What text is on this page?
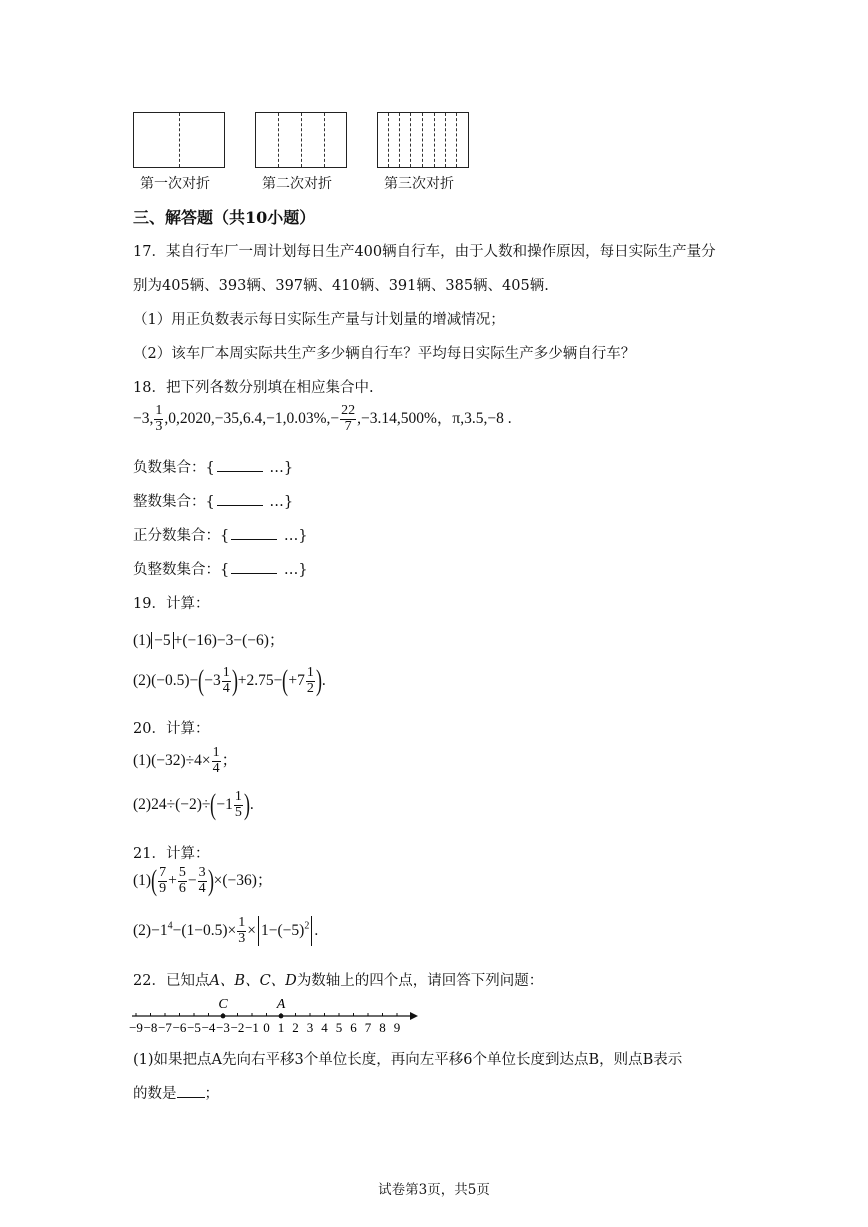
第一次对折	第二次对折	第三次对折
三、解答题（共10小题）
17．某自行车厂一周计划每日生产400辆自行车，由于人数和操作原因，每日实际生产量分
别为405辆、393辆、397辆、410辆、391辆、385辆、405辆.
（1）用正负数表示每日实际生产量与计划量的增减情况；
（2）该车厂本周实际共生产多少辆自行车？平均每日实际生产多少辆自行车？
18．把下列各数分别填在相应集合中.
−3, $\frac{1}{3} ,0,2020,-35,6.4,-1,0.03\%,- \frac{22}{7} ,-3.14,500\%$，π,3.5,−8 .
负数集合：{	…}
整数集合：{	…}
正分数集合：{	…}
负整数集合：{	…}
19．计算：
(1) −5 +(−16)−3−(−6)；
$(2)(-0.5)-(-3 \frac{1}{4} )+2.75-(+7 \frac{1}{2}$ ).
20．计算：
$(1)(-32)\div 4\times \frac{1}{4}$ ；
$(2)24\div(-2)\div(-1 \frac{1}{5}$ ).
21．计算：
$(1)( \frac{7}{9} + \frac{5}{6} - \frac{3}{4} )\times(-36)$；
$(2)-1^4-(1-0.5)\times \frac{1}{3} \times 1-(-5)^2$ .
22．已知点A、B、C、D为数轴上的四个点，请回答下列问题：
−9 −8 −7 −6 −5 −4 −3 −2 −1 0 1 2 3 4 5 6 7 8 9
C	A
(1)如果把点A先向右平移3个单位长度，再向左平移6个单位长度到达点B，则点B表示
的数是 ；
试卷第3页，共5页
